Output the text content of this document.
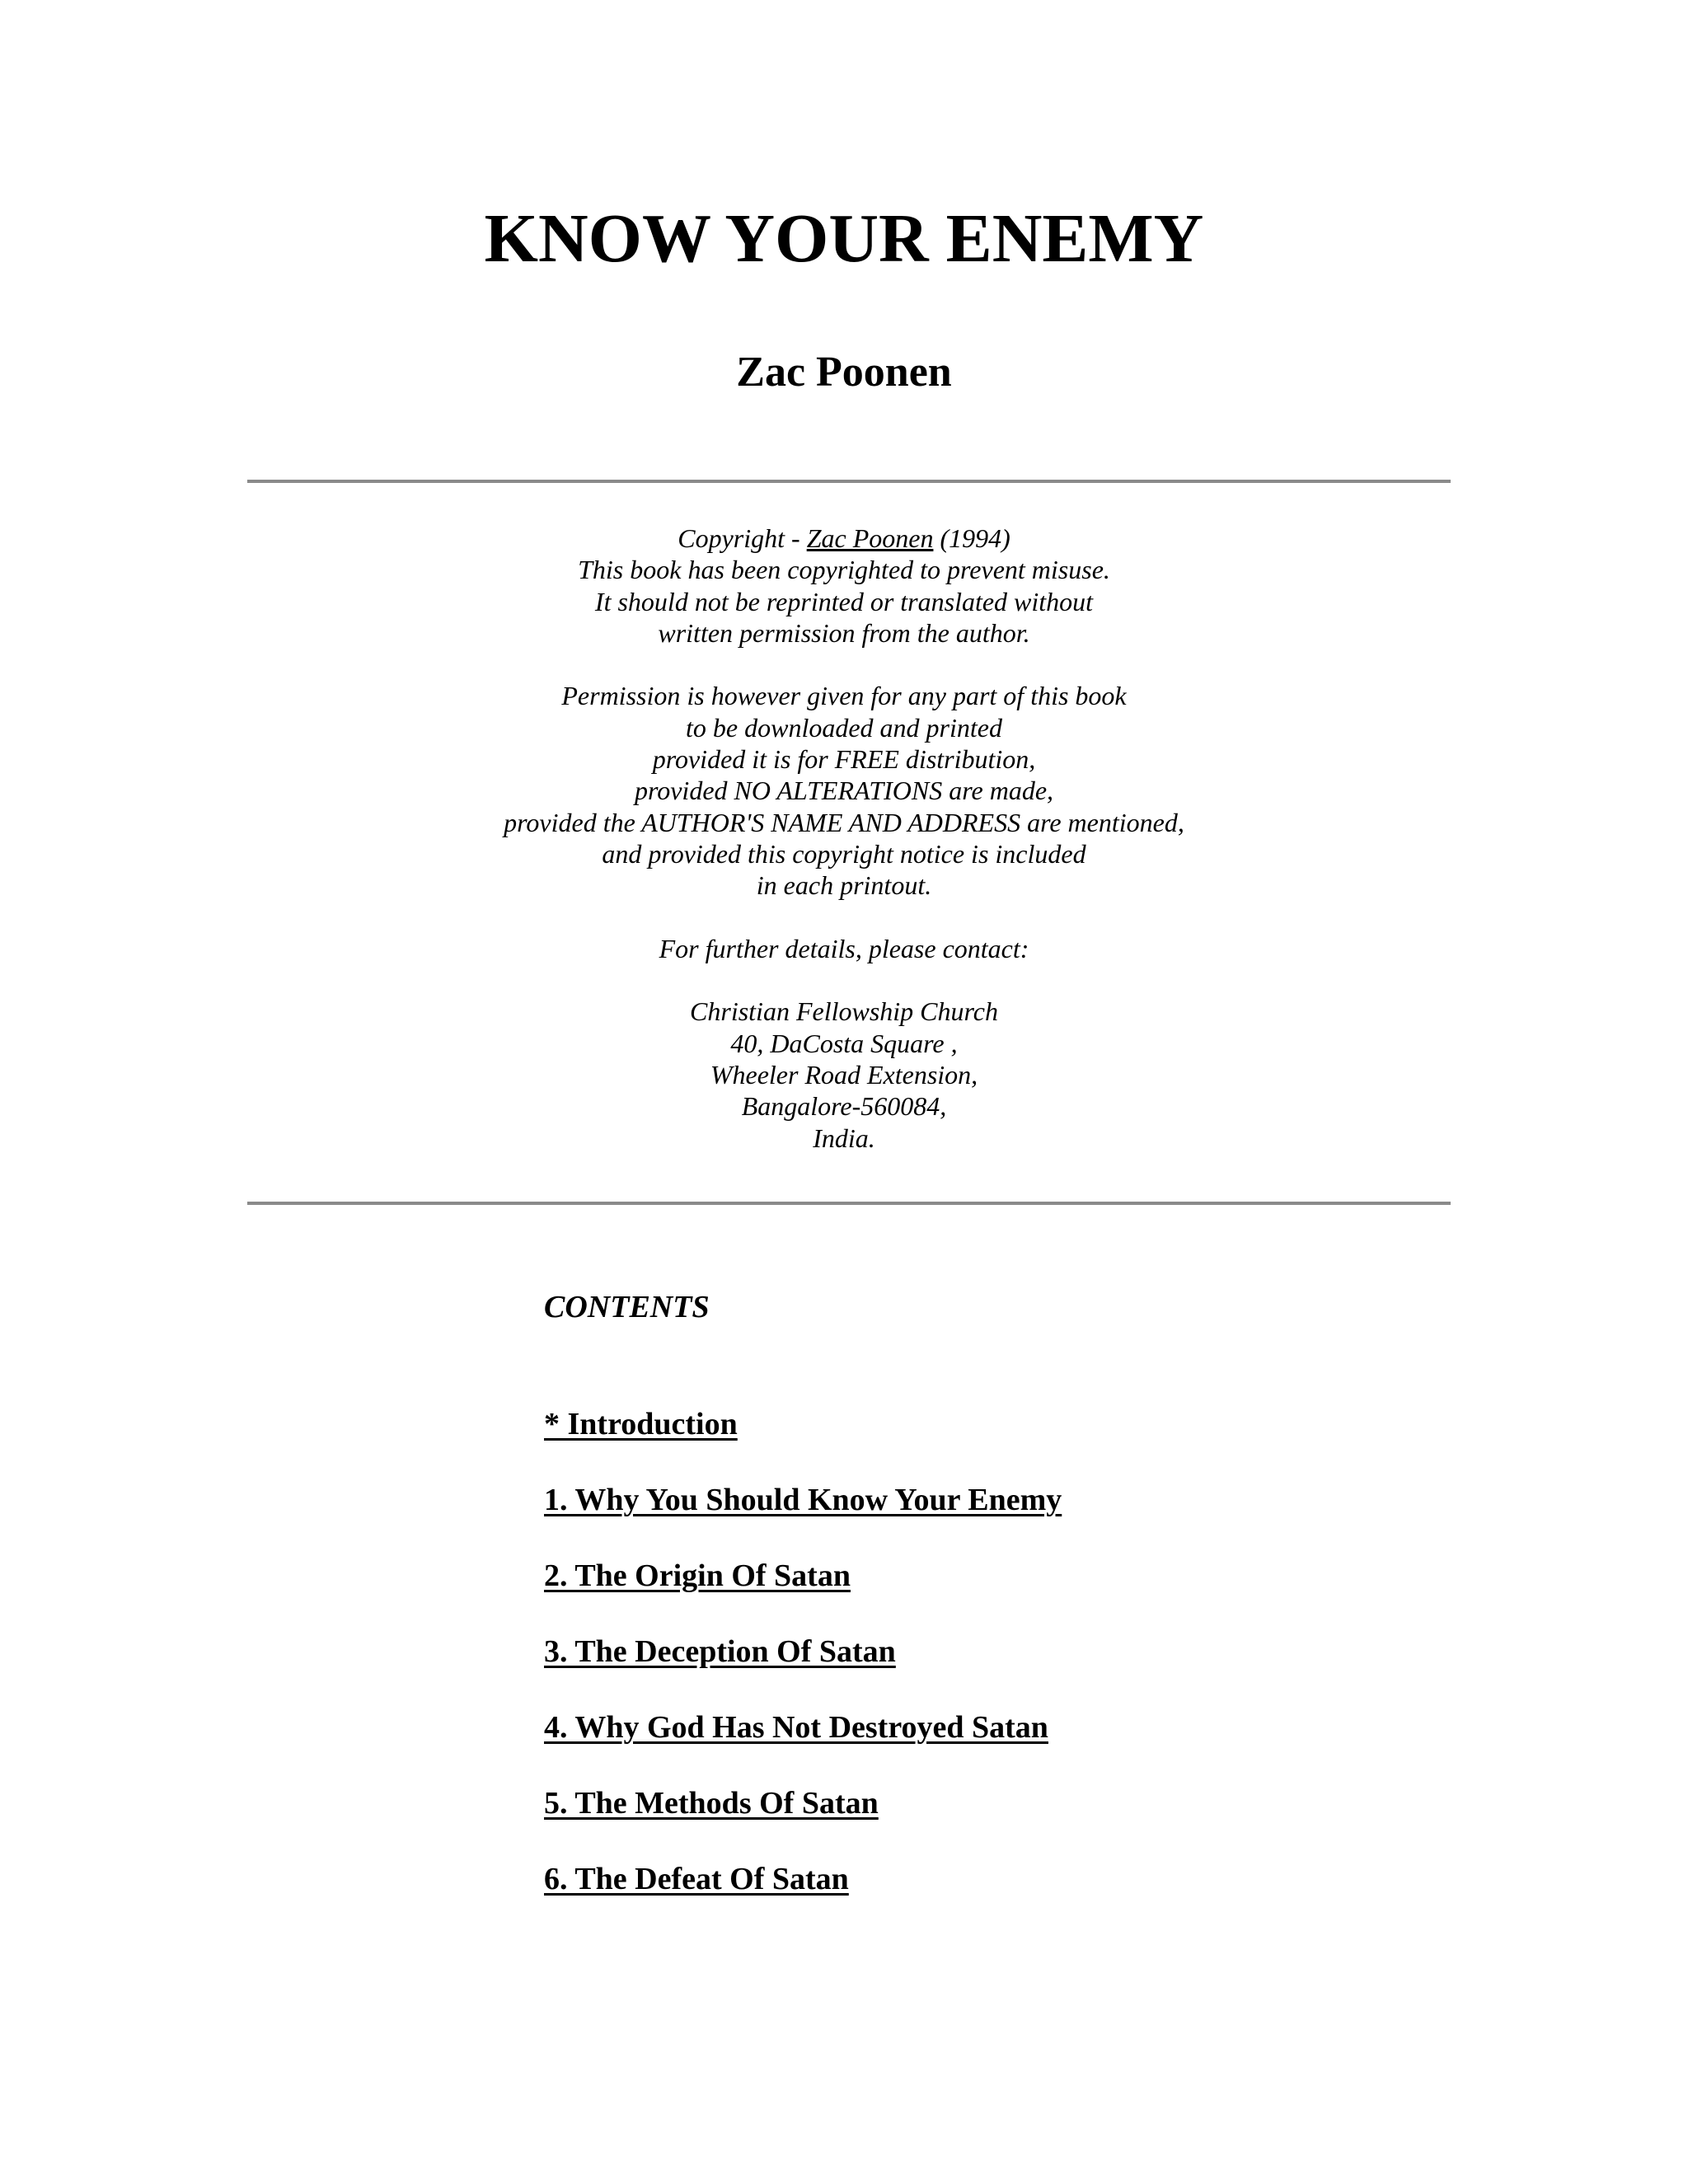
KNOW YOUR ENEMY
Zac Poonen
Copyright - Zac Poonen (1994)
This book has been copyrighted to prevent misuse.
It should not be reprinted or translated without
written permission from the author.
Permission is however given for any part of this book
to be downloaded and printed
provided it is for FREE distribution,
provided NO ALTERATIONS are made,
provided the AUTHOR'S NAME AND ADDRESS are mentioned,
and provided this copyright notice is included
in each printout.
For further details, please contact:
Christian Fellowship Church
40, DaCosta Square ,
Wheeler Road Extension,
Bangalore-560084,
India.
CONTENTS
* Introduction
1. Why You Should Know Your Enemy
2. The Origin Of Satan
3. The Deception Of Satan
4. Why God Has Not Destroyed Satan
5. The Methods Of Satan
6. The Defeat Of Satan
